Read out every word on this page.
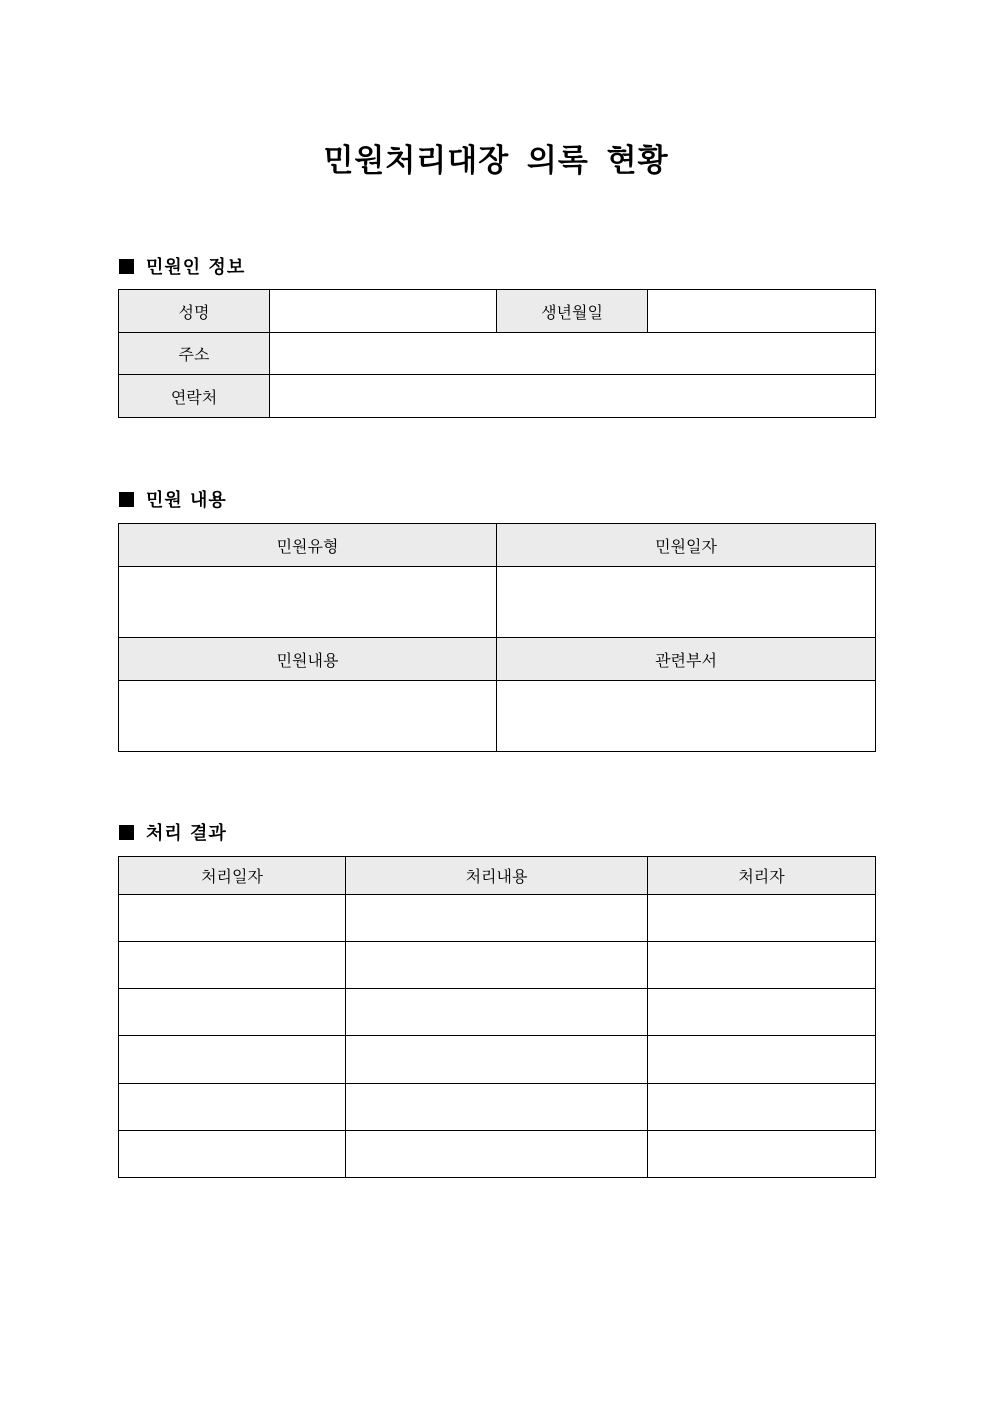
민원처리대장 의록 현황
민원인 정보
성명		생년월일	
주소			
연락처			
민원 내용
민원유형	민원일자

민원내용	관련부서

처리 결과
처리일자	처리내용	처리자
